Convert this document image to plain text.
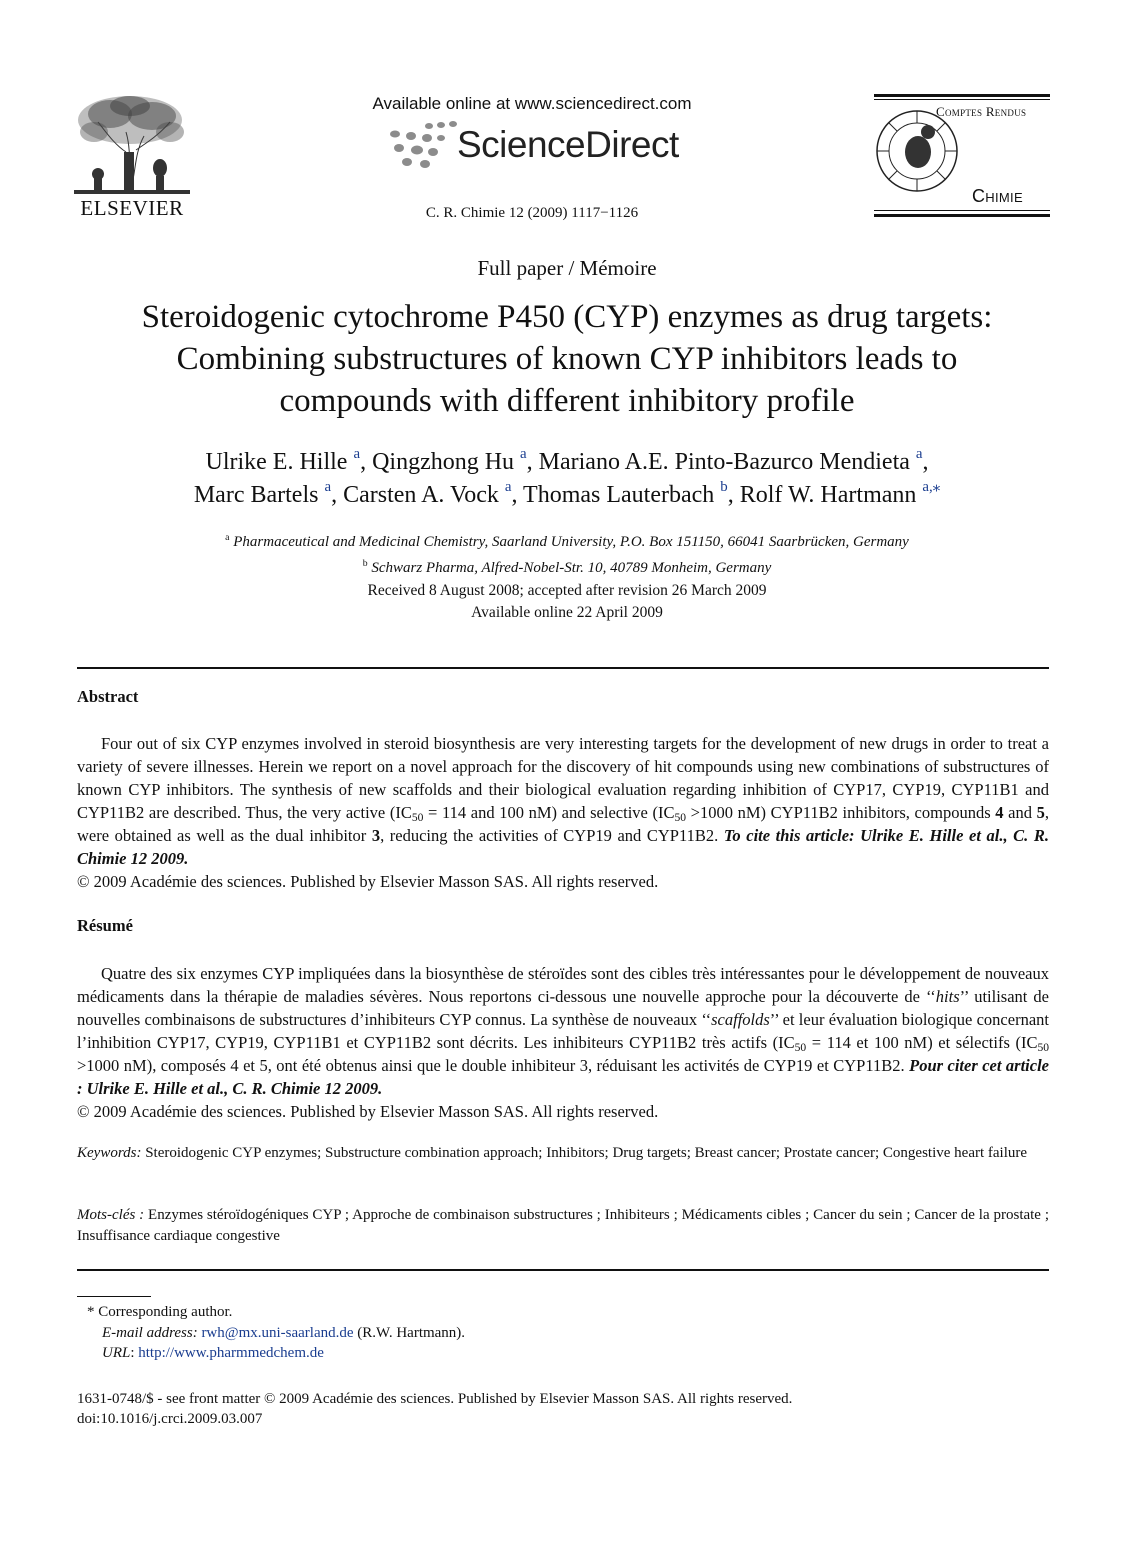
ELSEVIER
Available online at www.sciencedirect.com
ScienceDirect
C. R. Chimie 12 (2009) 1117−1126
Comptes Rendus
Chimie
Full paper / Mémoire
Steroidogenic cytochrome P450 (CYP) enzymes as drug targets:
Combining substructures of known CYP inhibitors leads to
compounds with different inhibitory profile
Ulrike E. Hille $^a$, Qingzhong Hu $^a$, Mariano A.E. Pinto-Bazurco Mendieta $^a$,
Marc Bartels $^a$, Carsten A. Vock $^a$, Thomas Lauterbach $^b$, Rolf W. Hartmann $^{a,⁎}$
$^a$ Pharmaceutical and Medicinal Chemistry, Saarland University, P.O. Box 151150, 66041 Saarbrücken, Germany
$^b$ Schwarz Pharma, Alfred-Nobel-Str. 10, 40789 Monheim, Germany
Received 8 August 2008; accepted after revision 26 March 2009
Available online 22 April 2009
Abstract
Four out of six CYP enzymes involved in steroid biosynthesis are very interesting targets for the development of new drugs in order to treat a variety of severe illnesses. Herein we report on a novel approach for the discovery of hit compounds using new combinations of substructures of known CYP inhibitors. The synthesis of new scaffolds and their biological evaluation regarding inhibition of CYP17, CYP19, CYP11B1 and CYP11B2 are described. Thus, the very active ($IC_{50} = 114$ and 100 nM) and selective ($IC_{50} >1000$ nM) CYP11B2 inhibitors, compounds 4 and 5, were obtained as well as the dual inhibitor 3, reducing the activities of CYP19 and CYP11B2. To cite this article: Ulrike E. Hille et al., C. R. Chimie 12 2009.
© 2009 Académie des sciences. Published by Elsevier Masson SAS. All rights reserved.
Résumé
Quatre des six enzymes CYP impliquées dans la biosynthèse de stéroïdes sont des cibles très intéressantes pour le développement de nouveaux médicaments dans la thérapie de maladies sévères. Nous reportons ci-dessous une nouvelle approche pour la découverte de ‘‘hits’’ utilisant de nouvelles combinaisons de substructures d’inhibiteurs CYP connus. La synthèse de nouveaux ‘‘scaffolds’’ et leur évaluation biologique concernant l’inhibition CYP17, CYP19, CYP11B1 et CYP11B2 sont décrits. Les inhibiteurs CYP11B2 très actifs ($IC_{50} = 114$ et 100 nM) et sélectifs ($IC_{50} >1000$ nM), composés 4 et 5, ont été obtenus ainsi que le double inhibiteur 3, réduisant les activités de CYP19 et CYP11B2. Pour citer cet article : Ulrike E. Hille et al., C. R. Chimie 12 2009.
© 2009 Académie des sciences. Published by Elsevier Masson SAS. All rights reserved.
Keywords: Steroidogenic CYP enzymes; Substructure combination approach; Inhibitors; Drug targets; Breast cancer; Prostate cancer; Congestive heart failure
Mots-clés : Enzymes stéroïdogéniques CYP ; Approche de combinaison substructures ; Inhibiteurs ; Médicaments cibles ; Cancer du sein ; Cancer de la prostate ; Insuffisance cardiaque congestive
* Corresponding author.
E-mail address: rwh@mx.uni-saarland.de (R.W. Hartmann).
URL: http://www.pharmmedchem.de
1631-0748/$ - see front matter © 2009 Académie des sciences. Published by Elsevier Masson SAS. All rights reserved.
doi:10.1016/j.crci.2009.03.007
